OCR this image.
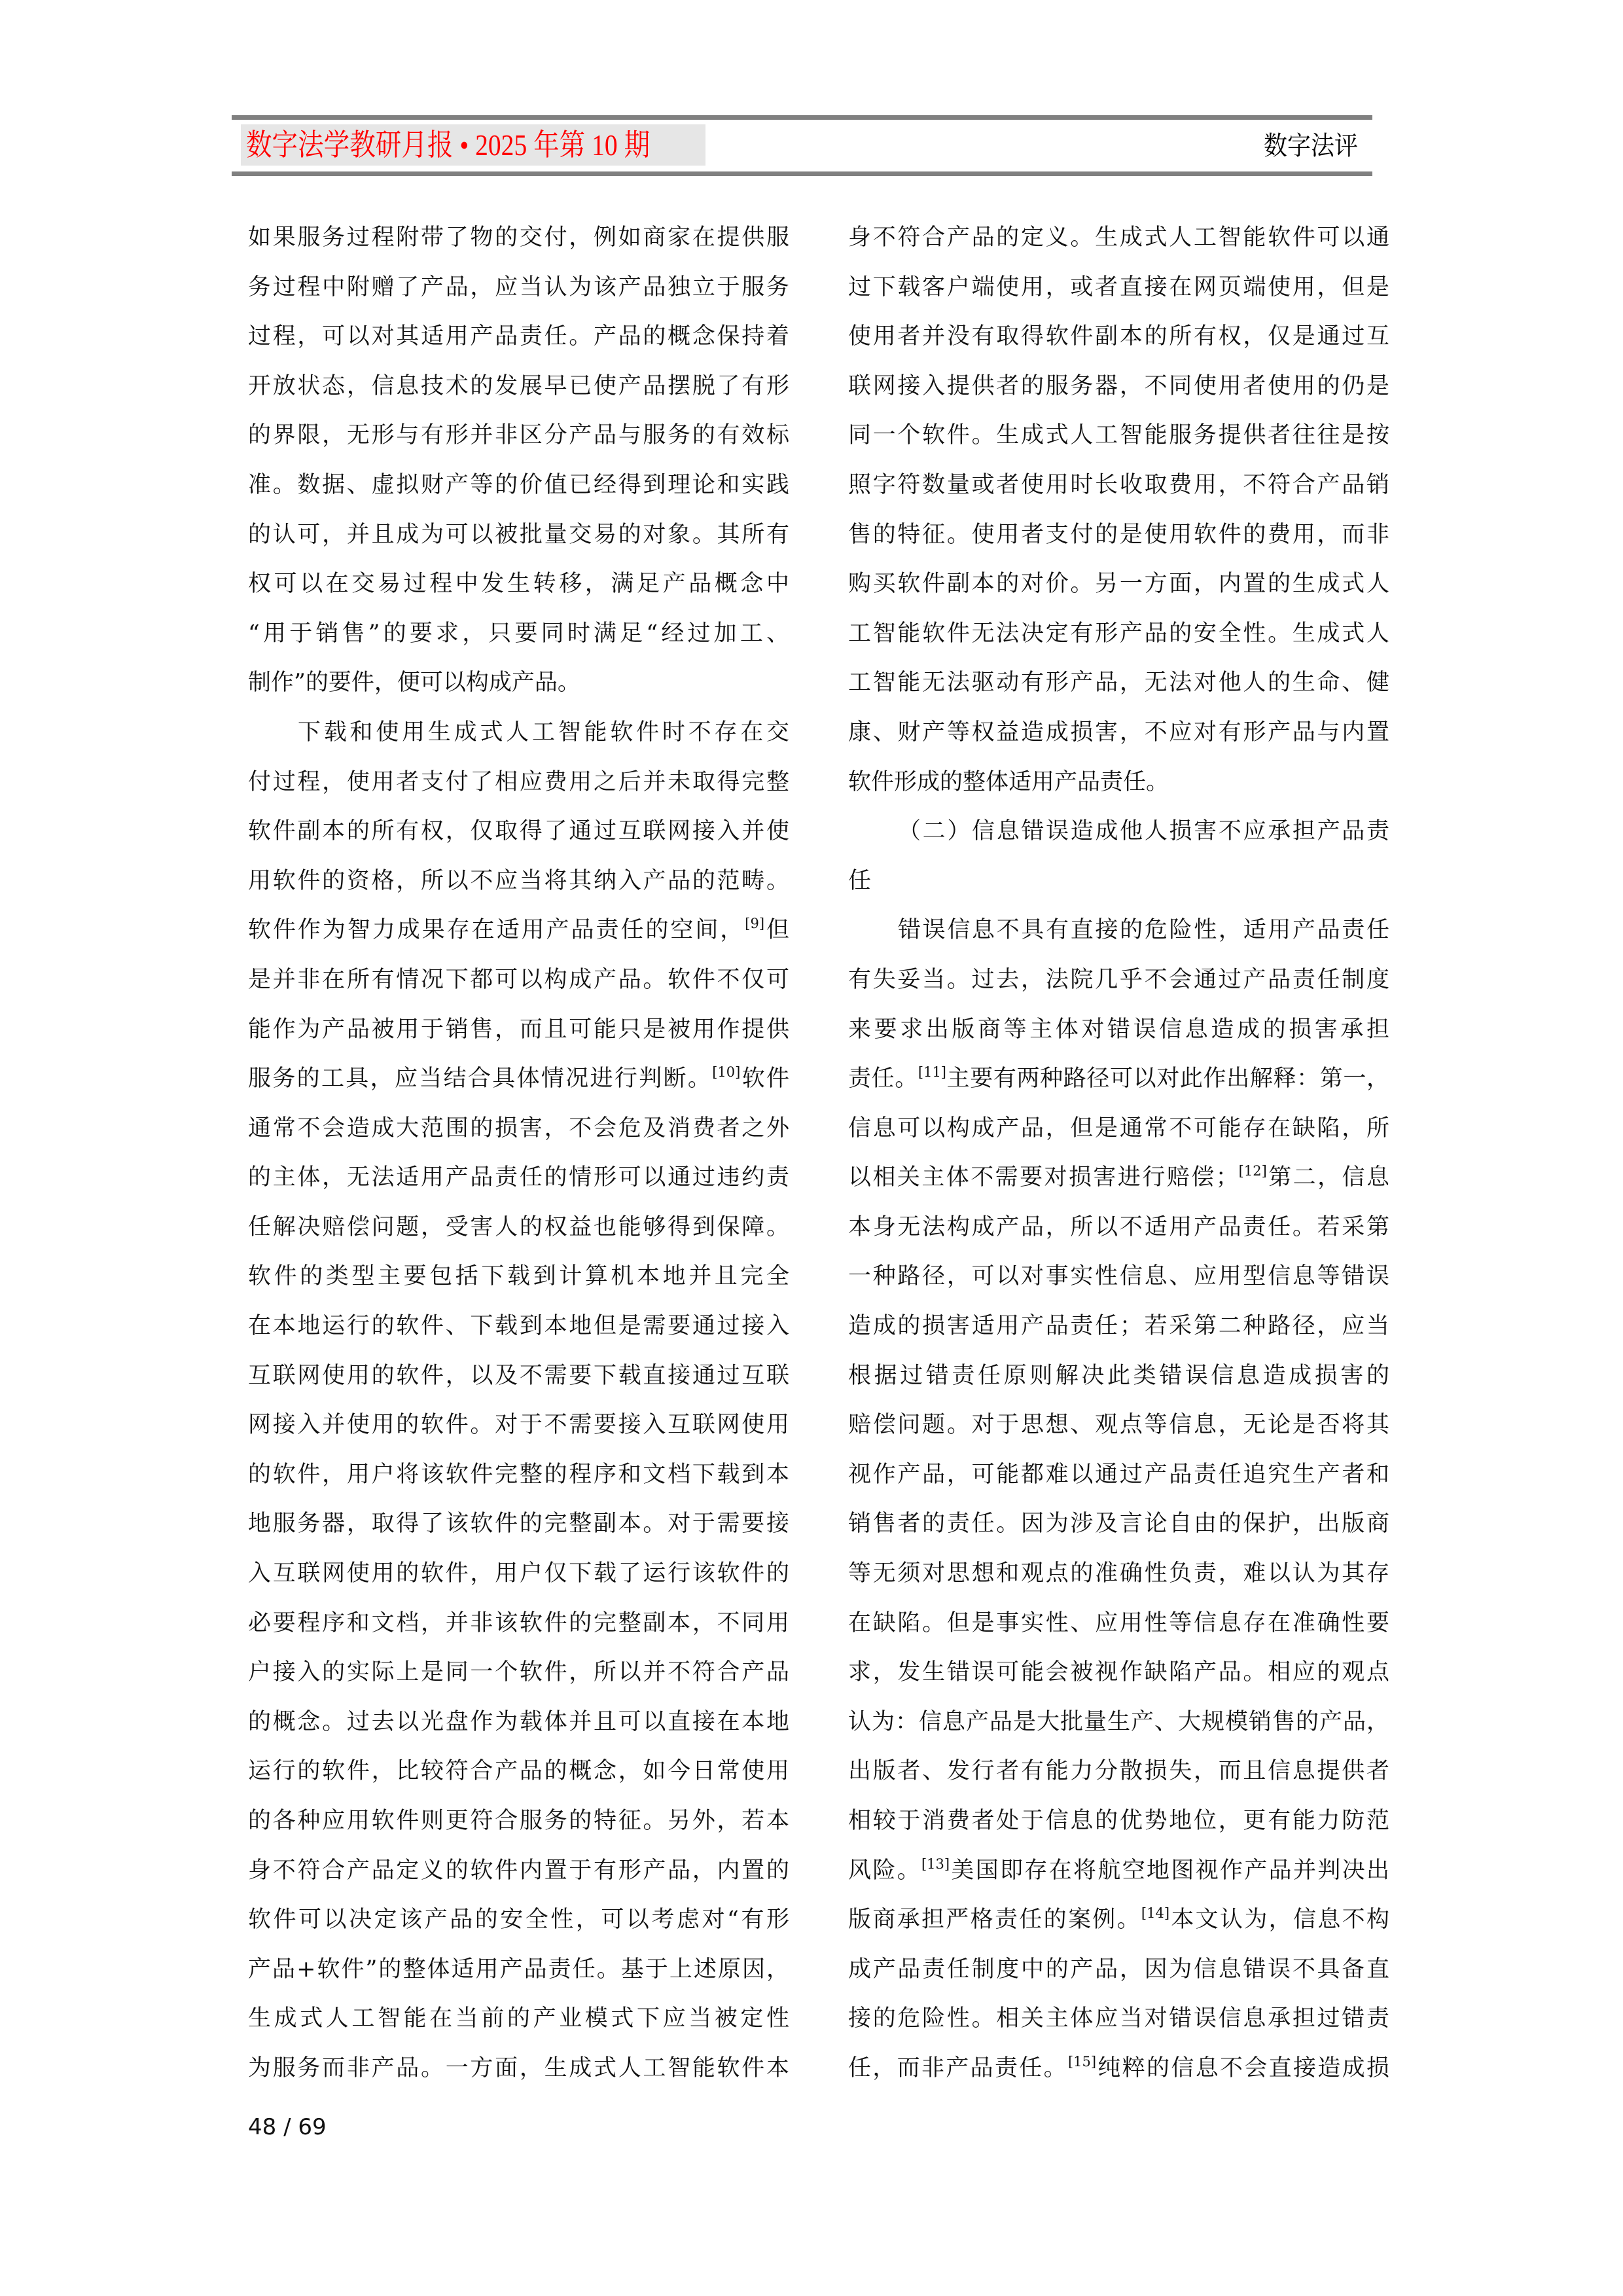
数字法学教研月报 • 2025 年第 10 期	数字法评
如果服务过程附带了物的交付，例如商家在提供服
务过程中附赠了产品，应当认为该产品独立于服务
过程，可以对其适用产品责任。产品的概念保持着
开放状态，信息技术的发展早已使产品摆脱了有形
的界限，无形与有形并非区分产品与服务的有效标
准。数据、虚拟财产等的价值已经得到理论和实践
的认可，并且成为可以被批量交易的对象。其所有
权可以在交易过程中发生转移，满足产品概念中
“用于销售”的要求，只要同时满足“经过加工、
制作”的要件，便可以构成产品。
下载和使用生成式人工智能软件时不存在交
付过程，使用者支付了相应费用之后并未取得完整
软件副本的所有权，仅取得了通过互联网接入并使
用软件的资格，所以不应当将其纳入产品的范畴。
软件作为智力成果存在适用产品责任的空间，[9]但
是并非在所有情况下都可以构成产品。软件不仅可
能作为产品被用于销售，而且可能只是被用作提供
服务的工具，应当结合具体情况进行判断。[10]软件
通常不会造成大范围的损害，不会危及消费者之外
的主体，无法适用产品责任的情形可以通过违约责
任解决赔偿问题，受害人的权益也能够得到保障。
软件的类型主要包括下载到计算机本地并且完全
在本地运行的软件、下载到本地但是需要通过接入
互联网使用的软件，以及不需要下载直接通过互联
网接入并使用的软件。对于不需要接入互联网使用
的软件，用户将该软件完整的程序和文档下载到本
地服务器，取得了该软件的完整副本。对于需要接
入互联网使用的软件，用户仅下载了运行该软件的
必要程序和文档，并非该软件的完整副本，不同用
户接入的实际上是同一个软件，所以并不符合产品
的概念。过去以光盘作为载体并且可以直接在本地
运行的软件，比较符合产品的概念，如今日常使用
的各种应用软件则更符合服务的特征。另外，若本
身不符合产品定义的软件内置于有形产品，内置的
软件可以决定该产品的安全性，可以考虑对“有形
产品+软件”的整体适用产品责任。基于上述原因，
生成式人工智能在当前的产业模式下应当被定性
为服务而非产品。一方面，生成式人工智能软件本
身不符合产品的定义。生成式人工智能软件可以通
过下载客户端使用，或者直接在网页端使用，但是
使用者并没有取得软件副本的所有权，仅是通过互
联网接入提供者的服务器，不同使用者使用的仍是
同一个软件。生成式人工智能服务提供者往往是按
照字符数量或者使用时长收取费用，不符合产品销
售的特征。使用者支付的是使用软件的费用，而非
购买软件副本的对价。另一方面，内置的生成式人
工智能软件无法决定有形产品的安全性。生成式人
工智能无法驱动有形产品，无法对他人的生命、健
康、财产等权益造成损害，不应对有形产品与内置
软件形成的整体适用产品责任。
（二）信息错误造成他人损害不应承担产品责
任
错误信息不具有直接的危险性，适用产品责任
有失妥当。过去，法院几乎不会通过产品责任制度
来要求出版商等主体对错误信息造成的损害承担
责任。[11]主要有两种路径可以对此作出解释：第一，
信息可以构成产品，但是通常不可能存在缺陷，所
以相关主体不需要对损害进行赔偿；[12]第二，信息
本身无法构成产品，所以不适用产品责任。若采第
一种路径，可以对事实性信息、应用型信息等错误
造成的损害适用产品责任；若采第二种路径，应当
根据过错责任原则解决此类错误信息造成损害的
赔偿问题。对于思想、观点等信息，无论是否将其
视作产品，可能都难以通过产品责任追究生产者和
销售者的责任。因为涉及言论自由的保护，出版商
等无须对思想和观点的准确性负责，难以认为其存
在缺陷。但是事实性、应用性等信息存在准确性要
求，发生错误可能会被视作缺陷产品。相应的观点
认为：信息产品是大批量生产、大规模销售的产品，
出版者、发行者有能力分散损失，而且信息提供者
相较于消费者处于信息的优势地位，更有能力防范
风险。[13]美国即存在将航空地图视作产品并判决出
版商承担严格责任的案例。[14]本文认为，信息不构
成产品责任制度中的产品，因为信息错误不具备直
接的危险性。相关主体应当对错误信息承担过错责
任，而非产品责任。[15]纯粹的信息不会直接造成损
48 / 69
